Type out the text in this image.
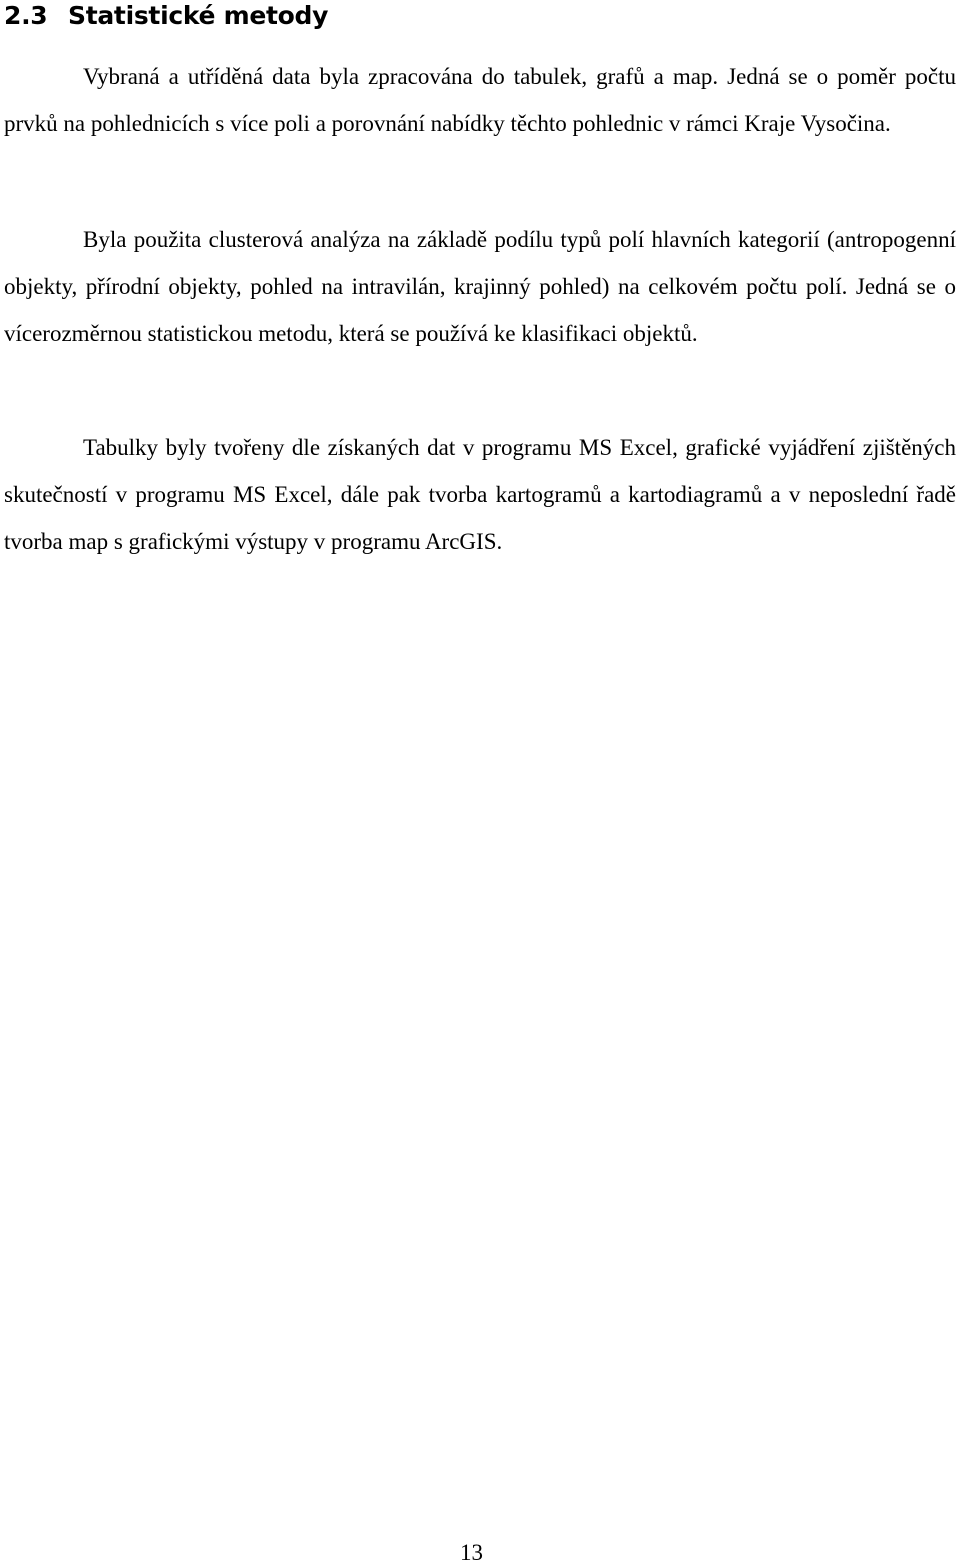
2.3 Statistické metody

Vybraná a utříděná data byla zpracována do tabulek, grafů a map. Jedná se o poměr počtu prvků na pohlednicích s více poli a porovnání nabídky těchto pohlednic v rámci Kraje Vysočina.

Byla použita clusterová analýza na základě podílu typů polí hlavních kategorií (antropogenní objekty, přírodní objekty, pohled na intravilán, krajinný pohled) na celkovém počtu polí. Jedná se o vícerozměrnou statistickou metodu, která se používá ke klasifikaci objektů.

Tabulky byly tvořeny dle získaných dat v programu MS Excel, grafické vyjádření zjištěných skutečností v programu MS Excel, dále pak tvorba kartogramů a kartodiagramů a v neposlední řadě tvorba map s grafickými výstupy v programu ArcGIS.

13
